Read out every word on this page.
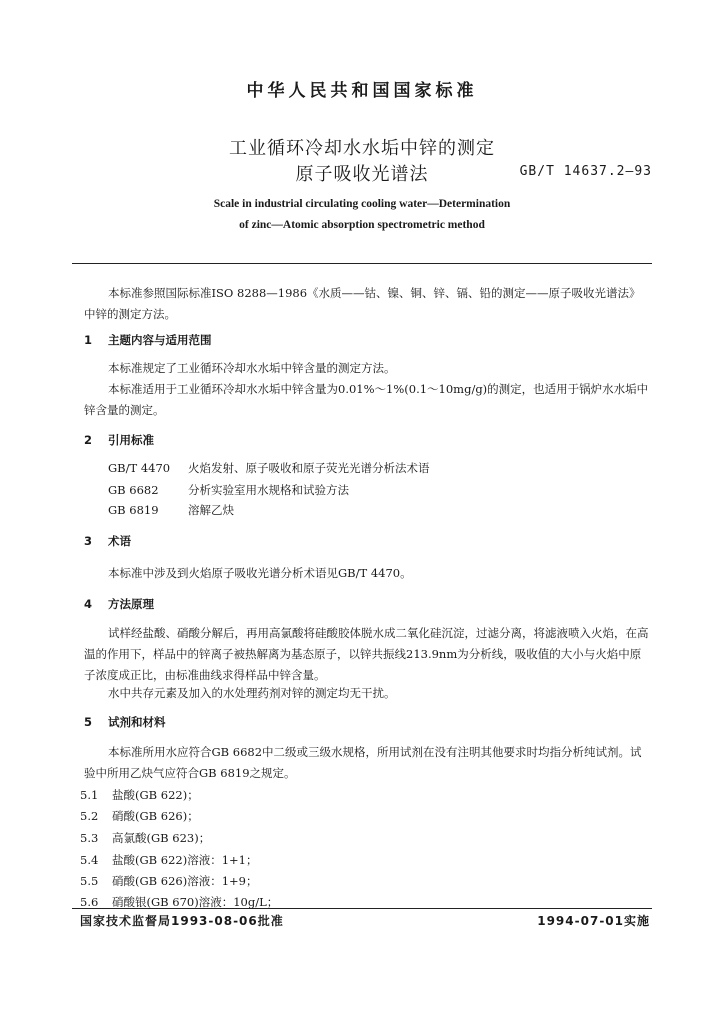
中华人民共和国国家标准
工业循环冷却水水垢中锌的测定
原子吸收光谱法	GB/T 14637.2—93
Scale in industrial circulating cooling water—Determination
of zinc—Atomic absorption spectrometric method
本标准参照国际标准ISO 8288—1986《水质——钴、镍、铜、锌、镉、铅的测定——原子吸收光谱法》中锌的测定方法。
1 主题内容与适用范围
本标准规定了工业循环冷却水水垢中锌含量的测定方法。
本标准适用于工业循环冷却水水垢中锌含量为0.01%～1%(0.1～10mg/g)的测定，也适用于锅炉水水垢中锌含量的测定。
2 引用标准
GB/T 4470 火焰发射、原子吸收和原子荧光光谱分析法术语
GB 6682	分析实验室用水规格和试验方法
GB 6819	溶解乙炔
3 术语
本标准中涉及到火焰原子吸收光谱分析术语见GB/T 4470。
4 方法原理
试样经盐酸、硝酸分解后，再用高氯酸将硅酸胶体脱水成二氧化硅沉淀，过滤分离，将滤液喷入火焰，在高温的作用下，样品中的锌离子被热解离为基态原子，以锌共振线213.9nm为分析线，吸收值的大小与火焰中原子浓度成正比，由标准曲线求得样品中锌含量。
水中共存元素及加入的水处理药剂对锌的测定均无干扰。
5 试剂和材料
本标准所用水应符合GB 6682中二级或三级水规格，所用试剂在没有注明其他要求时均指分析纯试剂。试验中所用乙炔气应符合GB 6819之规定。
5.1 盐酸(GB 622)；
5.2 硝酸(GB 626)；
5.3 高氯酸(GB 623)；
5.4 盐酸(GB 622)溶液：1+1；
5.5 硝酸(GB 626)溶液：1+9；
5.6 硝酸银(GB 670)溶液：10g/L；
国家技术监督局1993-08-06批准	1994-07-01实施
